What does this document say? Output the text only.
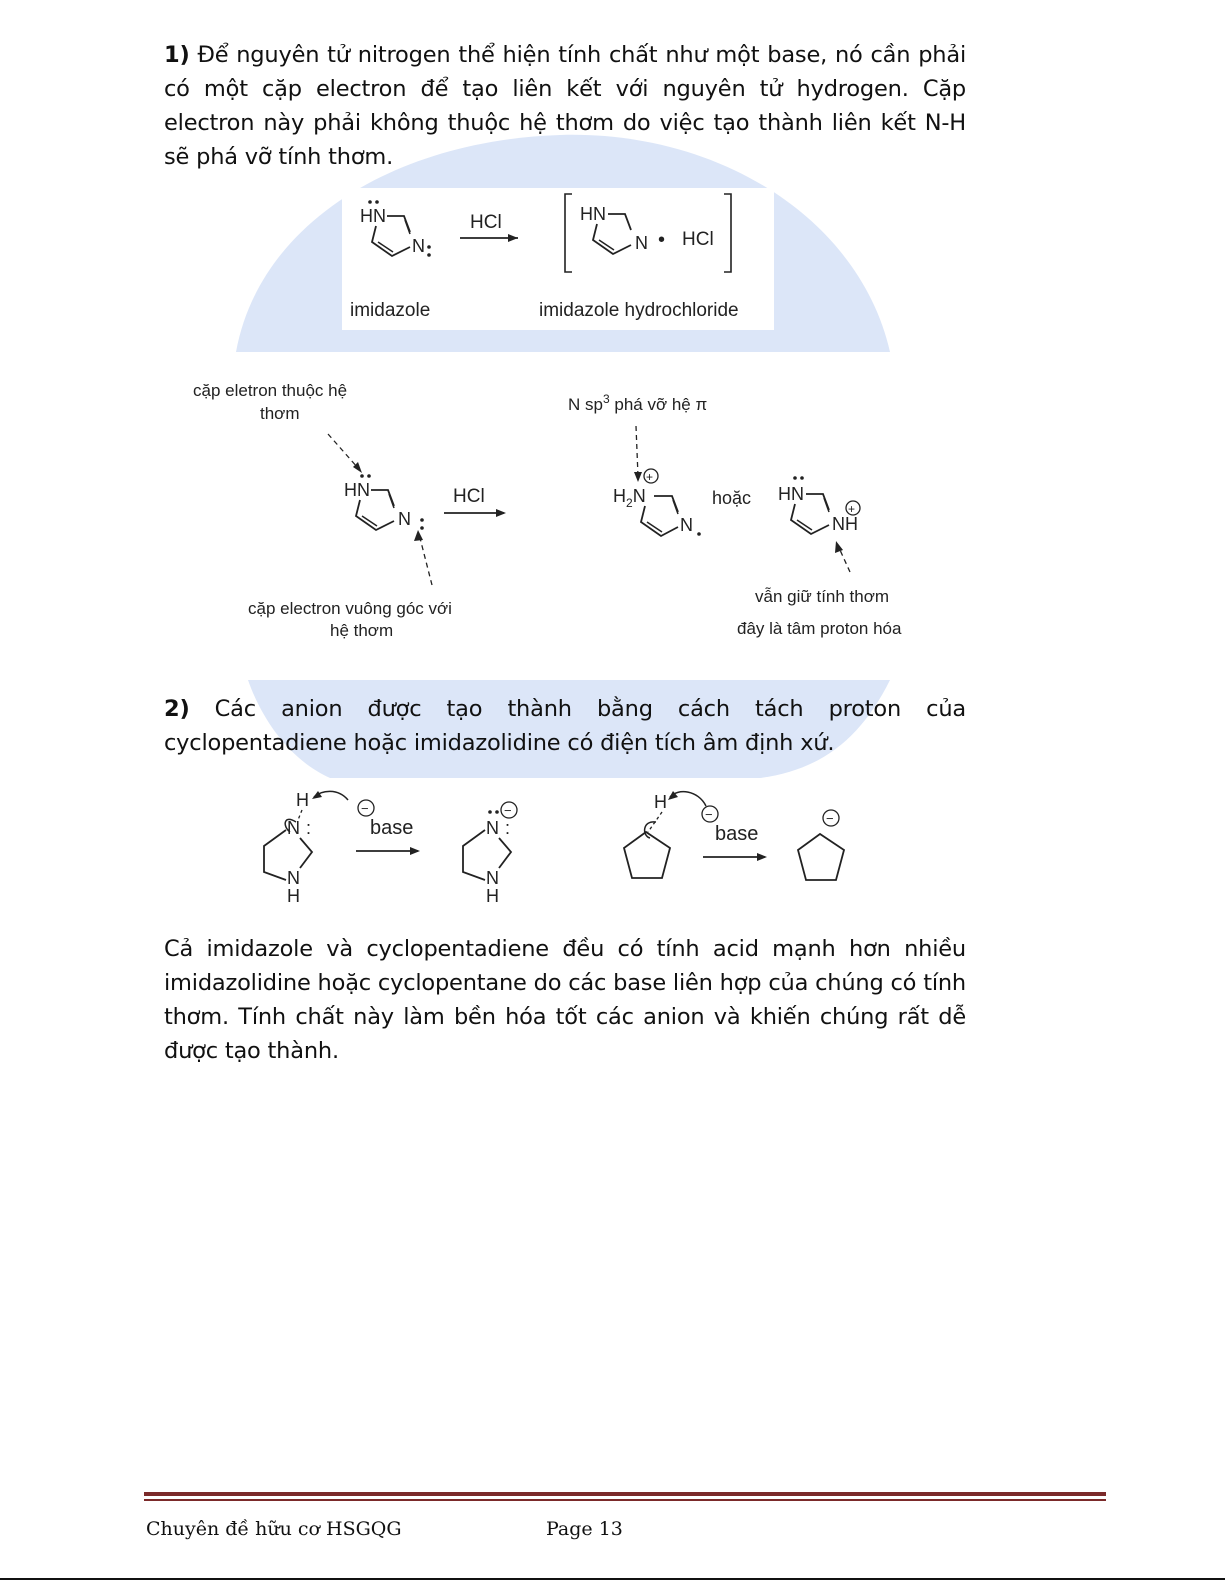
1) Để nguyên tử nitrogen thể hiện tính chất như một base, nó cần phải có một cặp electron để tạo liên kết với nguyên tử hydrogen. Cặp electron này phải không thuộc hệ thơm do việc tạo thành liên kết N-H sẽ phá vỡ tính thơm.
HN
N
HCl	HN
N • HCl
imidazole	imidazole hydrochloride
cặp eletron thuộc hệ
thơm	N $sp^3$ phá vỡ hệ π
HN
N
HCl
+
$H_2N$
N
hoặc HN
+
NH
cặp electron vuông góc với
hệ thơm
vẫn giữ tính thơm
đây là tâm proton hóa
2) Các anion được tạo thành bằng cách tách proton của cyclopentadiene hoặc imidazolidine có điện tích âm định xứ.
H
N :
N
H
−
base
−
N :
N
H
H
−
base
−
Cả imidazole và cyclopentadiene đều có tính acid mạnh hơn nhiều imidazolidine hoặc cyclopentane do các base liên hợp của chúng có tính thơm. Tính chất này làm bền hóa tốt các anion và khiến chúng rất dễ được tạo thành.
Chuyên đề hữu cơ HSGQG	Page 13
